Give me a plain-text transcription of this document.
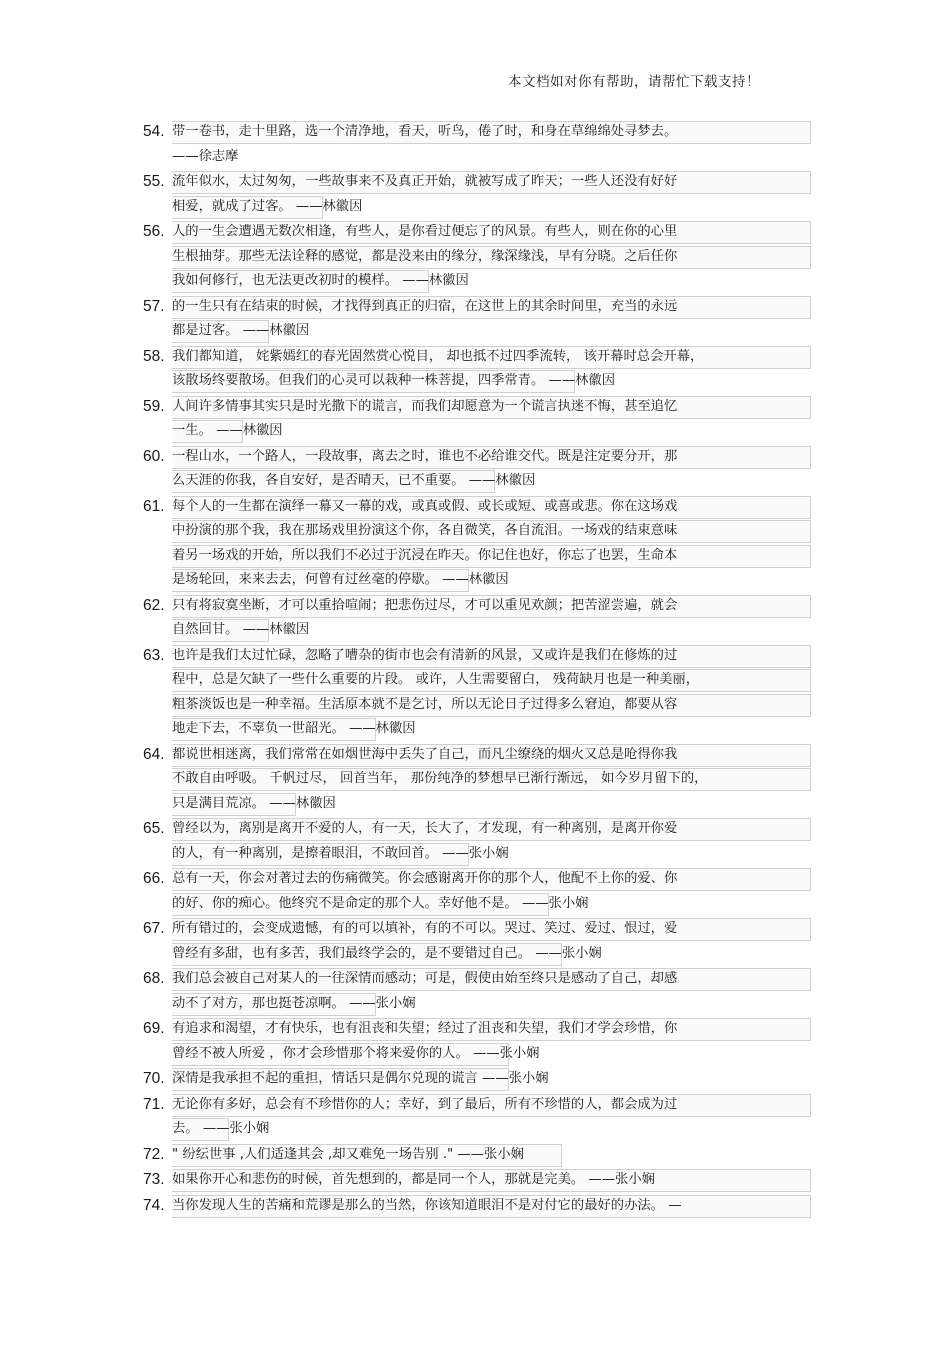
本文档如对你有帮助，请帮忙下载支持！
54. 带一卷书，走十里路，选一个清净地，看天，听鸟，倦了时，和身在草绵绵处寻梦去。
——徐志摩
55. 流年似水，太过匆匆，一些故事来不及真正开始，就被写成了昨天；一些人还没有好好
相爱，就成了过客。 ——林徽因
56. 人的一生会遭遇无数次相逢，有些人，是你看过便忘了的风景。有些人，则在你的心里
生根抽芽。那些无法诠释的感觉，都是没来由的缘分，缘深缘浅，早有分晓。之后任你
我如何修行，也无法更改初时的模样。 ——林徽因
57. 的一生只有在结束的时候，才找得到真正的归宿，在这世上的其余时间里，充当的永远
都是过客。 ——林徽因
58. 我们都知道， 姹紫嫣红的春光固然赏心悦目， 却也抵不过四季流转， 该开幕时总会开幕，
该散场终要散场。但我们的心灵可以栽种一株菩提，四季常青。 ——林徽因
59. 人间许多情事其实只是时光撒下的谎言，而我们却愿意为一个谎言执迷不悔，甚至追忆
一生。 ——林徽因
60. 一程山水，一个路人，一段故事，离去之时，谁也不必给谁交代。既是注定要分开，那
么天涯的你我，各自安好，是否晴天，已不重要。 ——林徽因
61. 每个人的一生都在演绎一幕又一幕的戏，或真或假、或长或短、或喜或悲。你在这场戏
中扮演的那个我，我在那场戏里扮演这个你，各自微笑，各自流泪。一场戏的结束意味
着另一场戏的开始，所以我们不必过于沉浸在昨天。你记住也好，你忘了也罢，生命本
是场轮回，来来去去，何曾有过丝毫的停歇。 ——林徽因
62. 只有将寂寞坐断，才可以重拾喧闹；把悲伤过尽，才可以重见欢颜；把苦涩尝遍，就会
自然回甘。 ——林徽因
63. 也许是我们太过忙碌，忽略了嘈杂的街市也会有清新的风景，又或许是我们在修炼的过
程中，总是欠缺了一些什么重要的片段。 或许，人生需要留白， 残荷缺月也是一种美丽，
粗茶淡饭也是一种幸福。生活原本就不是乞讨，所以无论日子过得多么窘迫，都要从容
地走下去，不辜负一世韶光。 ——林徽因
64. 都说世相迷离，我们常常在如烟世海中丢失了自己，而凡尘缭绕的烟火又总是呛得你我
不敢自由呼吸。 千帆过尽， 回首当年， 那份纯净的梦想早已渐行渐远， 如今岁月留下的，
只是满目荒凉。 ——林徽因
65. 曾经以为，离别是离开不爱的人，有一天，长大了，才发现，有一种离别，是离开你爱
的人，有一种离别，是擦着眼泪，不敢回首。 ——张小娴
66. 总有一天，你会对著过去的伤痛微笑。你会感谢离开你的那个人，他配不上你的爱、你
的好、你的痴心。他终究不是命定的那个人。幸好他不是。 ——张小娴
67. 所有错过的，会变成遗憾，有的可以填补，有的不可以。哭过、笑过、爱过、恨过，爱
曾经有多甜，也有多苦，我们最终学会的，是不要错过自己。 ——张小娴
68. 我们总会被自己对某人的一往深情而感动；可是，假使由始至终只是感动了自己，却感
动不了对方，那也挺苍凉啊。 ——张小娴
69. 有追求和渴望，才有快乐，也有沮丧和失望；经过了沮丧和失望，我们才学会珍惜，你
曾经不被人所爱 ，你才会珍惜那个将来爱你的人。 ——张小娴
70. 深情是我承担不起的重担，情话只是偶尔兑现的谎言 ——张小娴
71. 无论你有多好，总会有不珍惜你的人；幸好，到了最后，所有不珍惜的人，都会成为过
去。 ——张小娴
72. " 纷纭世事 ,人们适逢其会 ,却又难免一场告别 ." ——张小娴
73. 如果你开心和悲伤的时候，首先想到的，都是同一个人，那就是完美。 ——张小娴
74. 当你发现人生的苦痛和荒谬是那么的当然，你该知道眼泪不是对付它的最好的办法。 —
